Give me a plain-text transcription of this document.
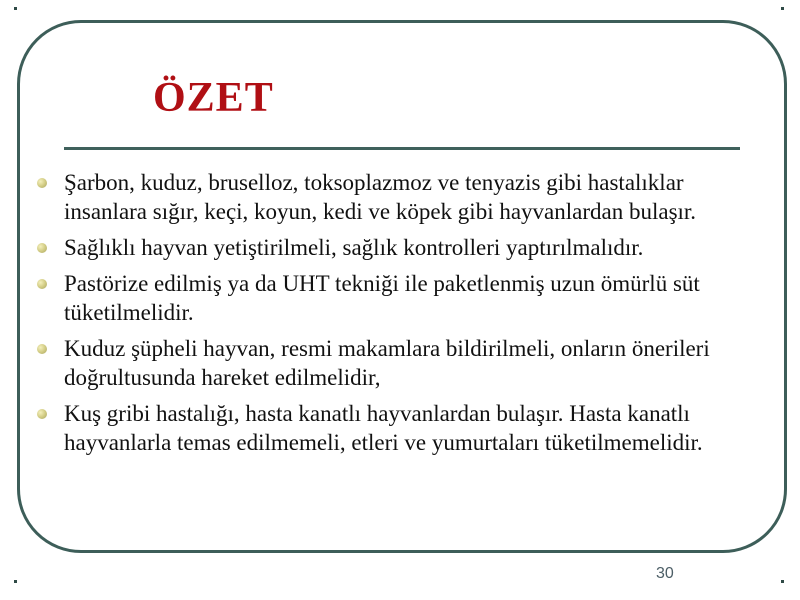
ÖZET
Şarbon, kuduz, bruselloz, toksoplazmoz ve tenyazis gibi hastalıklar insanlara sığır, keçi, koyun, kedi ve köpek gibi hayvanlardan bulaşır.
Sağlıklı hayvan yetiştirilmeli, sağlık kontrolleri yaptırılmalıdır.
Pastörize edilmiş ya da UHT tekniği ile paketlenmiş uzun ömürlü süt tüketilmelidir.
Kuduz şüpheli hayvan, resmi makamlara bildirilmeli, onların önerileri doğrultusunda hareket edilmelidir,
Kuş gribi hastalığı, hasta kanatlı hayvanlardan bulaşır. Hasta kanatlı hayvanlarla temas edilmemeli, etleri ve yumurtaları tüketilmemelidir.
30
